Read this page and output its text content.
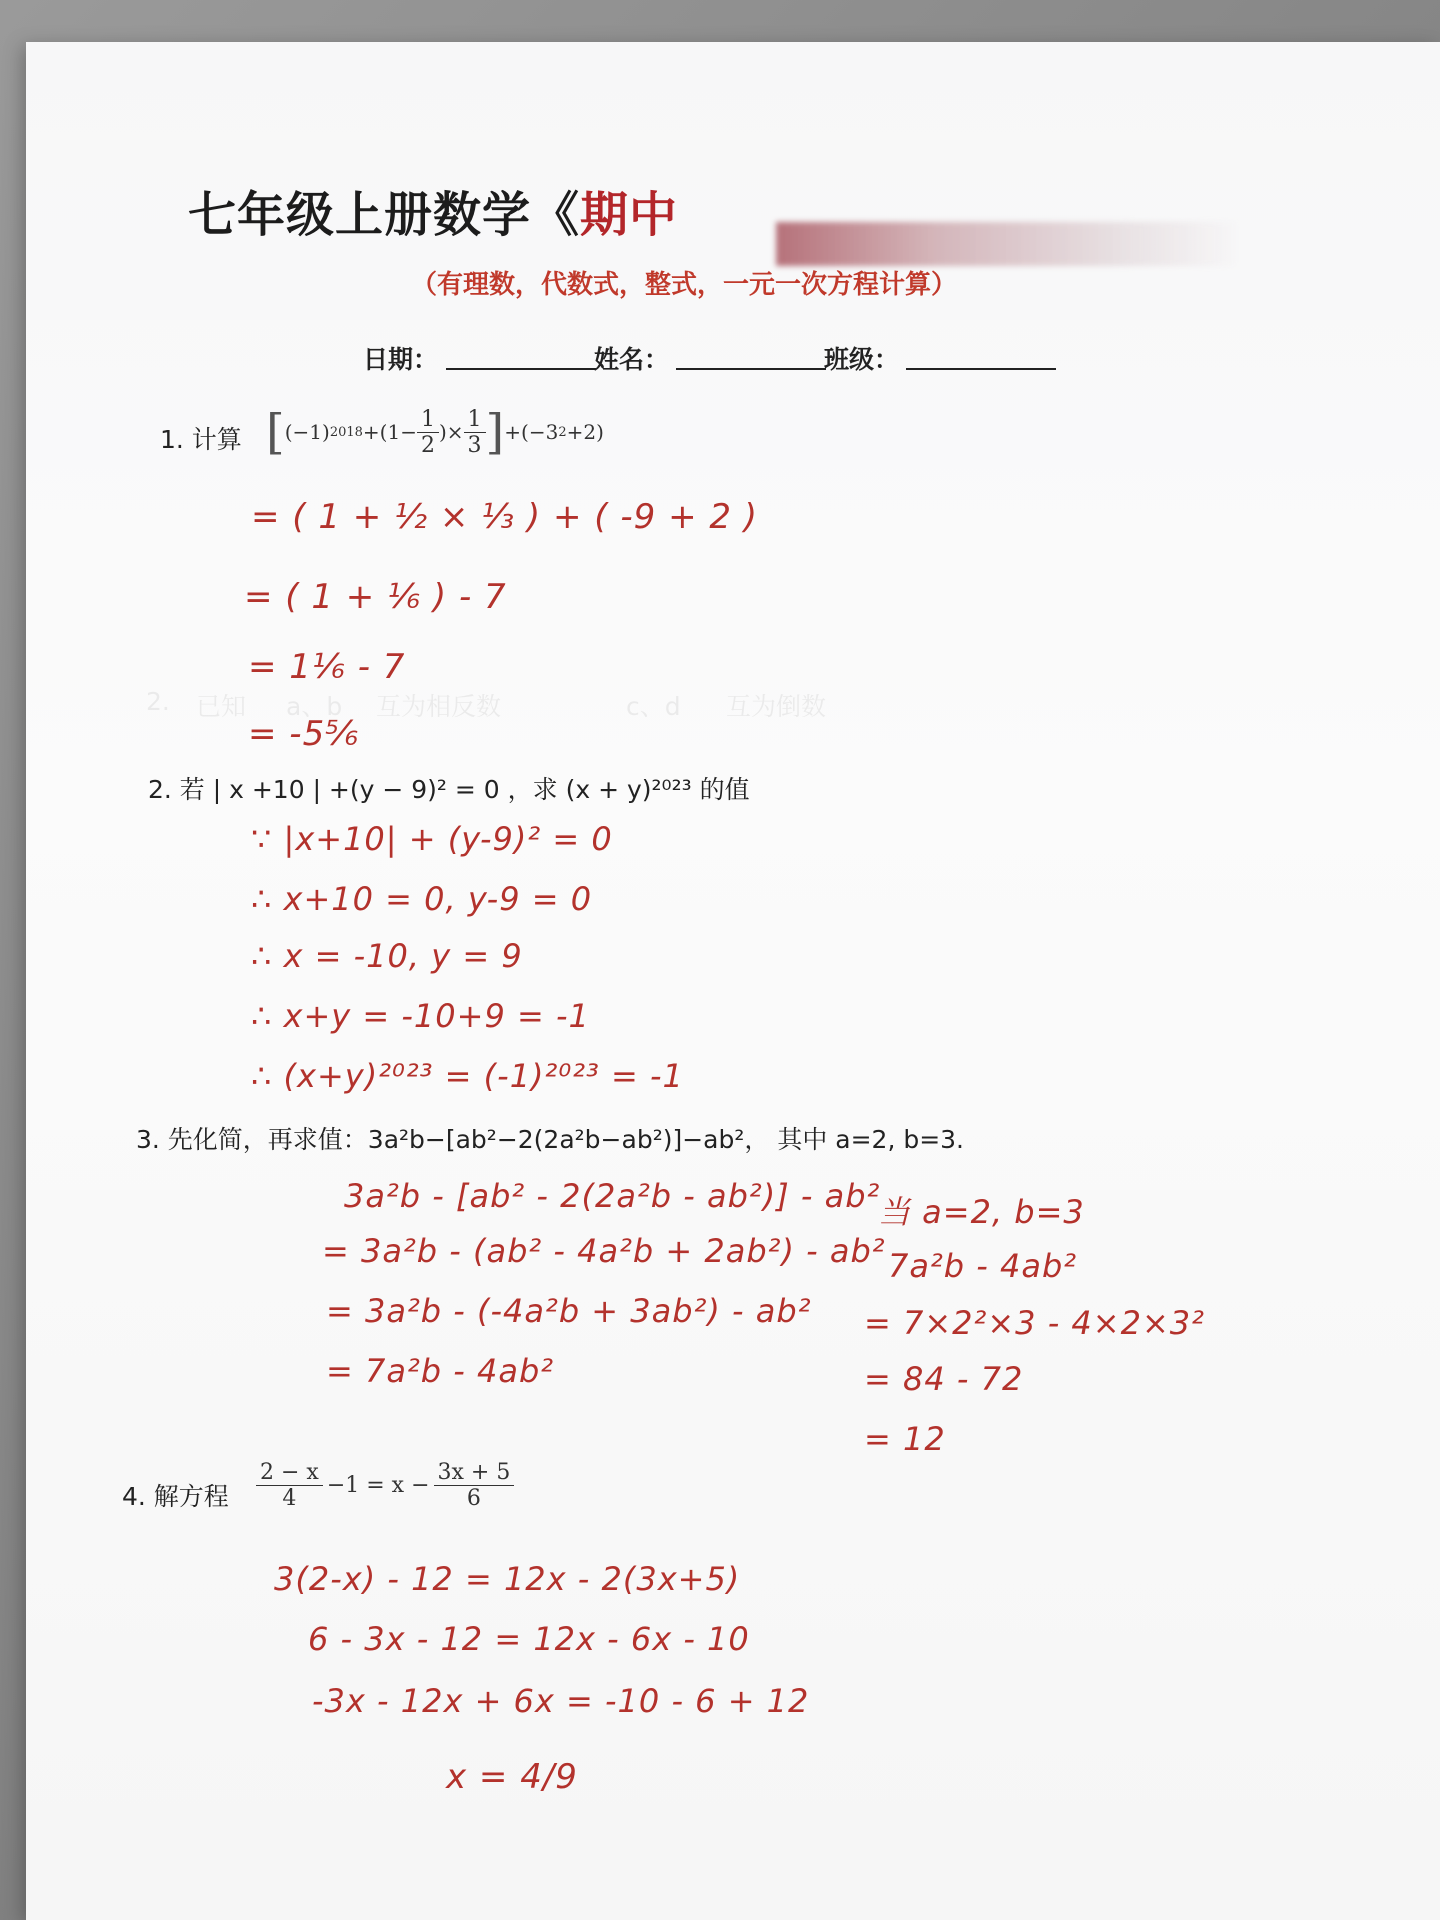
七年级上册数学《期中
（有理数，代数式，整式，一元一次方程计算）
日期：	姓名：	班级：
2. 已知 a、b 互为相反数	c、d 互为倒数
1. 计算 [ (−1) $2018 +(1- \frac{1}{2}$ )× $\frac{1}{3}$ ] +(−3 2 +2)
= ( 1 + ½ × ⅓ ) + ( -9 + 2 )
= ( 1 + ⅙ ) - 7
= 1⅙ - 7
= -5⅚
2. 若 | x +10 | +(y − 9)² = 0 ，求 (x + y)²⁰²³ 的值
∵ |x+10| + (y-9)² = 0
∴ x+10 = 0, y-9 = 0
∴ x = -10, y = 9
∴ x+y = -10+9 = -1
∴ (x+y)²⁰²³ = (-1)²⁰²³ = -1
3. 先化简，再求值：3a²b−[ab²−2(2a²b−ab²)]−ab²， 其中 a=2, b=3.
3a²b - [ab² - 2(2a²b - ab²)] - ab²
= 3a²b - (ab² - 4a²b + 2ab²) - ab²
= 3a²b - (-4a²b + 3ab²) - ab²
= 7a²b - 4ab²
当 a=2, b=3
7a²b - 4ab²
= 7×2²×3 - 4×2×3²
= 84 - 72
= 12
4. 解方程 $\frac{2 - x}{4} -1 = x - \frac{3x + 5}{6}$
3(2-x) - 12 = 12x - 2(3x+5)
6 - 3x - 12 = 12x - 6x - 10
-3x - 12x + 6x = -10 - 6 + 12
x = 4/9
